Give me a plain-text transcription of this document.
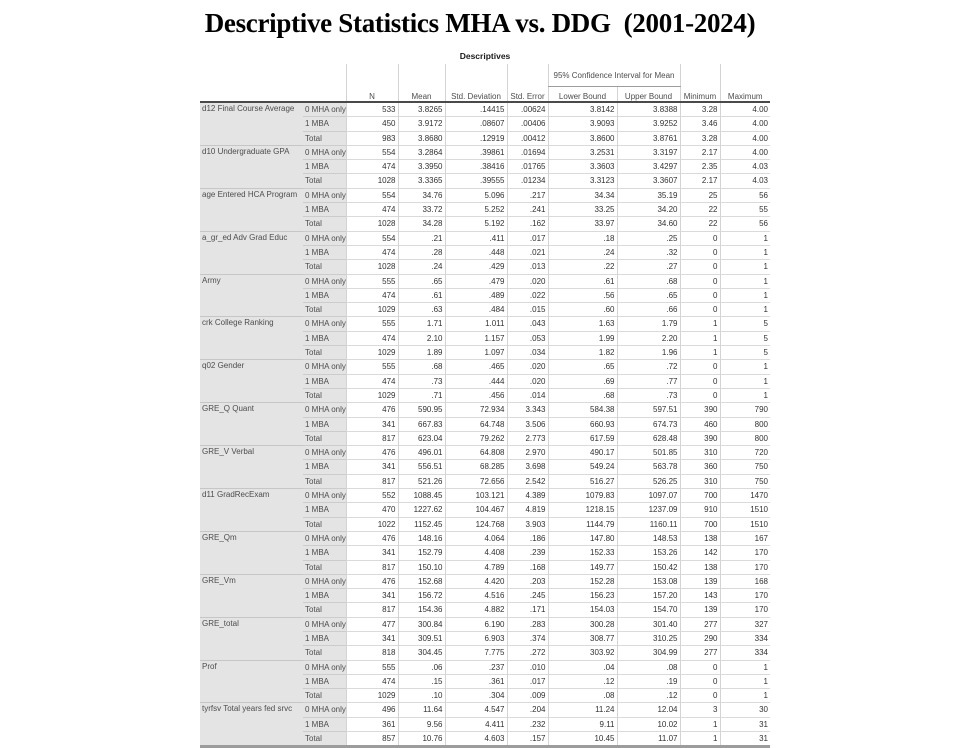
Descriptive Statistics MHA vs. DDG  (2001-2024)
Descriptives
						95% Confidence Interval for Mean			
		N	Mean	Std. Deviation	Std. Error	Lower Bound	Upper Bound	Minimum	Maximum
d12 Final Course Average	0 MHA only	533	3.8265	.14415	.00624	3.8142	3.8388	3.28	4.00
	1 MBA	450	3.9172	.08607	.00406	3.9093	3.9252	3.46	4.00
	Total	983	3.8680	.12919	.00412	3.8600	3.8761	3.28	4.00
d10 Undergraduate GPA	0 MHA only	554	3.2864	.39861	.01694	3.2531	3.3197	2.17	4.00
	1 MBA	474	3.3950	.38416	.01765	3.3603	3.4297	2.35	4.03
	Total	1028	3.3365	.39555	.01234	3.3123	3.3607	2.17	4.03
age Entered HCA Program	0 MHA only	554	34.76	5.096	.217	34.34	35.19	25	56
	1 MBA	474	33.72	5.252	.241	33.25	34.20	22	55
	Total	1028	34.28	5.192	.162	33.97	34.60	22	56
a_gr_ed Adv Grad Educ	0 MHA only	554	.21	.411	.017	.18	.25	0	1
	1 MBA	474	.28	.448	.021	.24	.32	0	1
	Total	1028	.24	.429	.013	.22	.27	0	1
Army	0 MHA only	555	.65	.479	.020	.61	.68	0	1
	1 MBA	474	.61	.489	.022	.56	.65	0	1
	Total	1029	.63	.484	.015	.60	.66	0	1
crk College Ranking	0 MHA only	555	1.71	1.011	.043	1.63	1.79	1	5
	1 MBA	474	2.10	1.157	.053	1.99	2.20	1	5
	Total	1029	1.89	1.097	.034	1.82	1.96	1	5
q02 Gender	0 MHA only	555	.68	.465	.020	.65	.72	0	1
	1 MBA	474	.73	.444	.020	.69	.77	0	1
	Total	1029	.71	.456	.014	.68	.73	0	1
GRE_Q Quant	0 MHA only	476	590.95	72.934	3.343	584.38	597.51	390	790
	1 MBA	341	667.83	64.748	3.506	660.93	674.73	460	800
	Total	817	623.04	79.262	2.773	617.59	628.48	390	800
GRE_V Verbal	0 MHA only	476	496.01	64.808	2.970	490.17	501.85	310	720
	1 MBA	341	556.51	68.285	3.698	549.24	563.78	360	750
	Total	817	521.26	72.656	2.542	516.27	526.25	310	750
d11 GradRecExam	0 MHA only	552	1088.45	103.121	4.389	1079.83	1097.07	700	1470
	1 MBA	470	1227.62	104.467	4.819	1218.15	1237.09	910	1510
	Total	1022	1152.45	124.768	3.903	1144.79	1160.11	700	1510
GRE_Qm	0 MHA only	476	148.16	4.064	.186	147.80	148.53	138	167
	1 MBA	341	152.79	4.408	.239	152.33	153.26	142	170
	Total	817	150.10	4.789	.168	149.77	150.42	138	170
GRE_Vm	0 MHA only	476	152.68	4.420	.203	152.28	153.08	139	168
	1 MBA	341	156.72	4.516	.245	156.23	157.20	143	170
	Total	817	154.36	4.882	.171	154.03	154.70	139	170
GRE_total	0 MHA only	477	300.84	6.190	.283	300.28	301.40	277	327
	1 MBA	341	309.51	6.903	.374	308.77	310.25	290	334
	Total	818	304.45	7.775	.272	303.92	304.99	277	334
Prof	0 MHA only	555	.06	.237	.010	.04	.08	0	1
	1 MBA	474	.15	.361	.017	.12	.19	0	1
	Total	1029	.10	.304	.009	.08	.12	0	1
tyrfsv Total years fed srvc	0 MHA only	496	11.64	4.547	.204	11.24	12.04	3	30
	1 MBA	361	9.56	4.411	.232	9.11	10.02	1	31
	Total	857	10.76	4.603	.157	10.45	11.07	1	31
